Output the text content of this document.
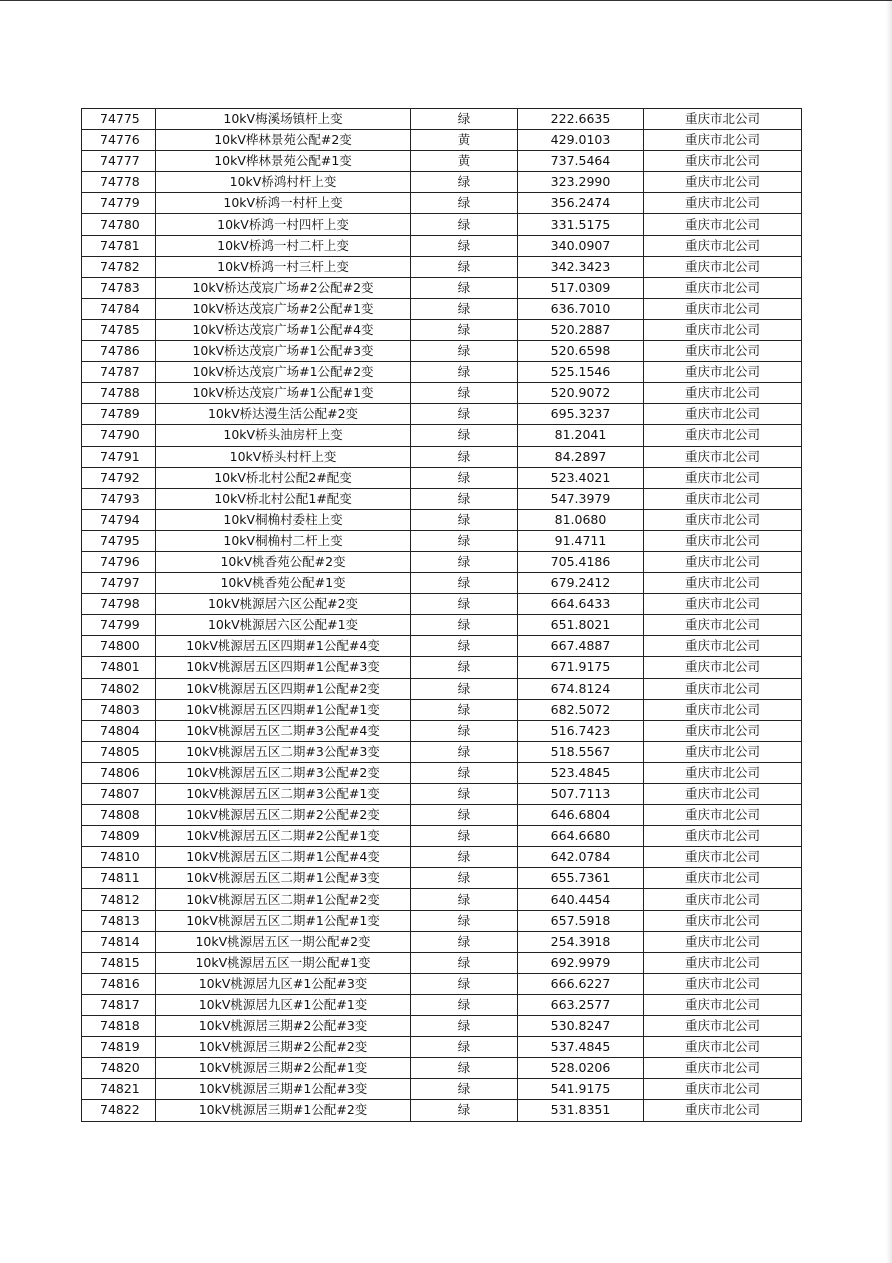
74775	10kV梅溪场镇杆上变	绿	222.6635	重庆市北公司
74776	10kV桦林景苑公配#2变	黄	429.0103	重庆市北公司
74777	10kV桦林景苑公配#1变	黄	737.5464	重庆市北公司
74778	10kV桥鸿村杆上变	绿	323.2990	重庆市北公司
74779	10kV桥鸿一村杆上变	绿	356.2474	重庆市北公司
74780	10kV桥鸿一村四杆上变	绿	331.5175	重庆市北公司
74781	10kV桥鸿一村二杆上变	绿	340.0907	重庆市北公司
74782	10kV桥鸿一村三杆上变	绿	342.3423	重庆市北公司
74783	10kV桥达茂宸广场#2公配#2变	绿	517.0309	重庆市北公司
74784	10kV桥达茂宸广场#2公配#1变	绿	636.7010	重庆市北公司
74785	10kV桥达茂宸广场#1公配#4变	绿	520.2887	重庆市北公司
74786	10kV桥达茂宸广场#1公配#3变	绿	520.6598	重庆市北公司
74787	10kV桥达茂宸广场#1公配#2变	绿	525.1546	重庆市北公司
74788	10kV桥达茂宸广场#1公配#1变	绿	520.9072	重庆市北公司
74789	10kV桥达漫生活公配#2变	绿	695.3237	重庆市北公司
74790	10kV桥头油房杆上变	绿	81.2041	重庆市北公司
74791	10kV桥头村杆上变	绿	84.2897	重庆市北公司
74792	10kV桥北村公配2#配变	绿	523.4021	重庆市北公司
74793	10kV桥北村公配1#配变	绿	547.3979	重庆市北公司
74794	10kV桐桷村委柱上变	绿	81.0680	重庆市北公司
74795	10kV桐桷村二杆上变	绿	91.4711	重庆市北公司
74796	10kV桃香苑公配#2变	绿	705.4186	重庆市北公司
74797	10kV桃香苑公配#1变	绿	679.2412	重庆市北公司
74798	10kV桃源居六区公配#2变	绿	664.6433	重庆市北公司
74799	10kV桃源居六区公配#1变	绿	651.8021	重庆市北公司
74800	10kV桃源居五区四期#1公配#4变	绿	667.4887	重庆市北公司
74801	10kV桃源居五区四期#1公配#3变	绿	671.9175	重庆市北公司
74802	10kV桃源居五区四期#1公配#2变	绿	674.8124	重庆市北公司
74803	10kV桃源居五区四期#1公配#1变	绿	682.5072	重庆市北公司
74804	10kV桃源居五区二期#3公配#4变	绿	516.7423	重庆市北公司
74805	10kV桃源居五区二期#3公配#3变	绿	518.5567	重庆市北公司
74806	10kV桃源居五区二期#3公配#2变	绿	523.4845	重庆市北公司
74807	10kV桃源居五区二期#3公配#1变	绿	507.7113	重庆市北公司
74808	10kV桃源居五区二期#2公配#2变	绿	646.6804	重庆市北公司
74809	10kV桃源居五区二期#2公配#1变	绿	664.6680	重庆市北公司
74810	10kV桃源居五区二期#1公配#4变	绿	642.0784	重庆市北公司
74811	10kV桃源居五区二期#1公配#3变	绿	655.7361	重庆市北公司
74812	10kV桃源居五区二期#1公配#2变	绿	640.4454	重庆市北公司
74813	10kV桃源居五区二期#1公配#1变	绿	657.5918	重庆市北公司
74814	10kV桃源居五区一期公配#2变	绿	254.3918	重庆市北公司
74815	10kV桃源居五区一期公配#1变	绿	692.9979	重庆市北公司
74816	10kV桃源居九区#1公配#3变	绿	666.6227	重庆市北公司
74817	10kV桃源居九区#1公配#1变	绿	663.2577	重庆市北公司
74818	10kV桃源居三期#2公配#3变	绿	530.8247	重庆市北公司
74819	10kV桃源居三期#2公配#2变	绿	537.4845	重庆市北公司
74820	10kV桃源居三期#2公配#1变	绿	528.0206	重庆市北公司
74821	10kV桃源居三期#1公配#3变	绿	541.9175	重庆市北公司
74822	10kV桃源居三期#1公配#2变	绿	531.8351	重庆市北公司
